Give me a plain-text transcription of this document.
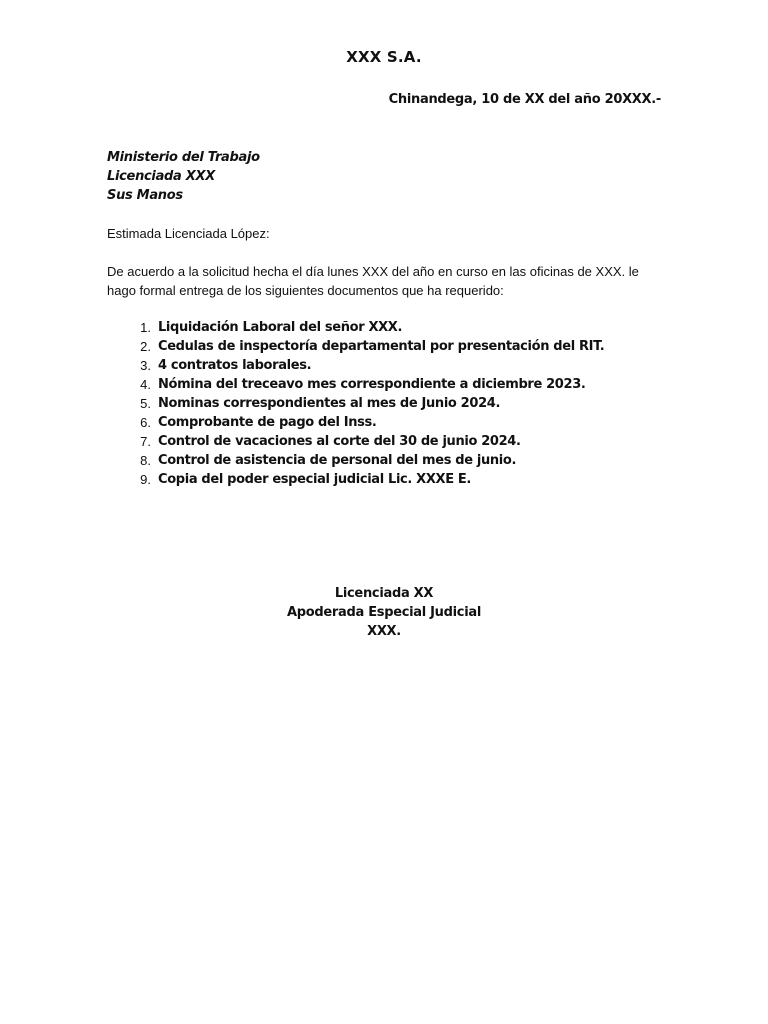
XXX S.A.
Chinandega, 10 de XX del año 20XXX.-
Ministerio del Trabajo
Licenciada XXX
Sus Manos
Estimada Licenciada López:
De acuerdo a la solicitud hecha el día lunes XXX del año en curso en las oficinas de XXX. le hago formal entrega de los siguientes documentos que ha requerido:
1. Liquidación Laboral del señor XXX.
2. Cedulas de inspectoría departamental por presentación del RIT.
3. 4 contratos laborales.
4. Nómina del treceavo mes correspondiente a diciembre 2023.
5. Nominas correspondientes al mes de Junio 2024.
6. Comprobante de pago del Inss.
7. Control de vacaciones al corte del 30 de junio 2024.
8. Control de asistencia de personal del mes de junio.
9. Copia del poder especial judicial Lic. XXXE E.
Licenciada XX
Apoderada Especial Judicial
XXX.
